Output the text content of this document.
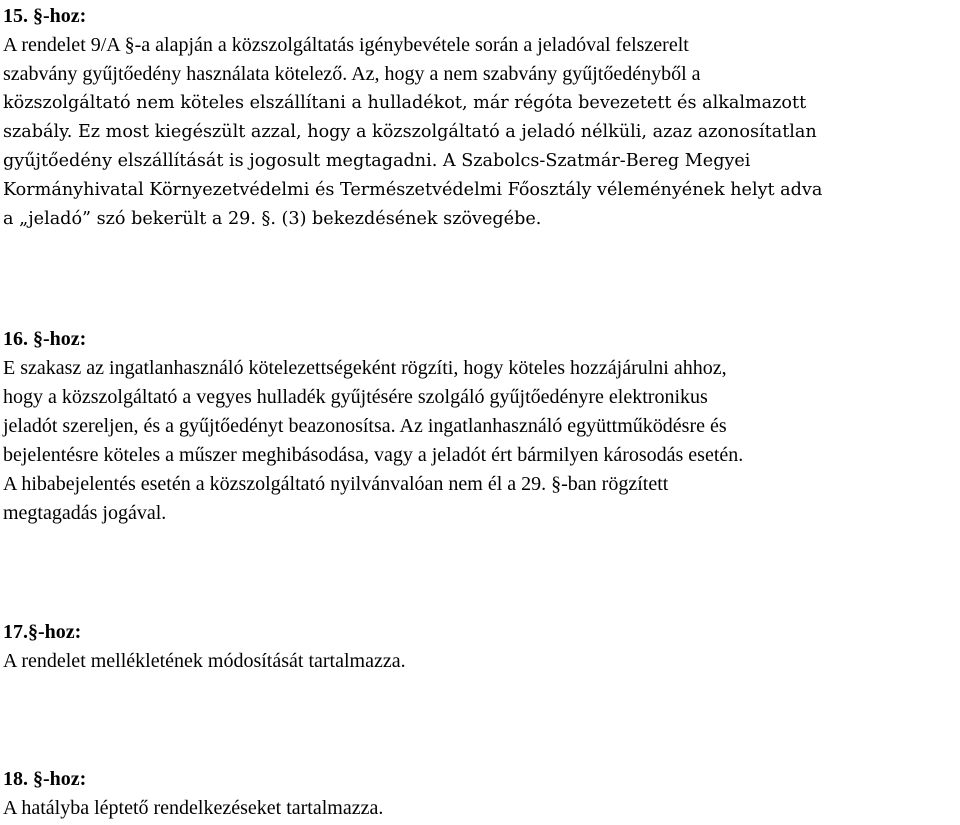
15. §-hoz:
A rendelet 9/A §-a alapján a közszolgáltatás igénybevétele során a jeladóval felszerelt
szabvány gyűjtőedény használata kötelező. Az, hogy a nem szabvány gyűjtőedényből a
közszolgáltató nem köteles elszállítani a hulladékot, már régóta bevezetett és alkalmazott
szabály. Ez most kiegészült azzal, hogy a közszolgáltató a jeladó nélküli, azaz azonosítatlan
gyűjtőedény elszállítását is jogosult megtagadni. A Szabolcs-Szatmár-Bereg Megyei
Kormányhivatal Környezetvédelmi és Természetvédelmi Főosztály véleményének helyt adva
a „jeladó” szó bekerült a 29. §. (3) bekezdésének szövegébe.
16. §-hoz:
E szakasz az ingatlanhasználó kötelezettségeként rögzíti, hogy köteles hozzájárulni ahhoz,
hogy a közszolgáltató a vegyes hulladék gyűjtésére szolgáló gyűjtőedényre elektronikus
jeladót szereljen, és a gyűjtőedényt beazonosítsa. Az ingatlanhasználó együttműködésre és
bejelentésre köteles a műszer meghibásodása, vagy a jeladót ért bármilyen károsodás esetén.
A hibabejelentés esetén a közszolgáltató nyilvánvalóan nem él a 29. §-ban rögzített
megtagadás jogával.
17.§-hoz:
A rendelet mellékletének módosítását tartalmazza.
18. §-hoz:
A hatályba léptető rendelkezéseket tartalmazza.
